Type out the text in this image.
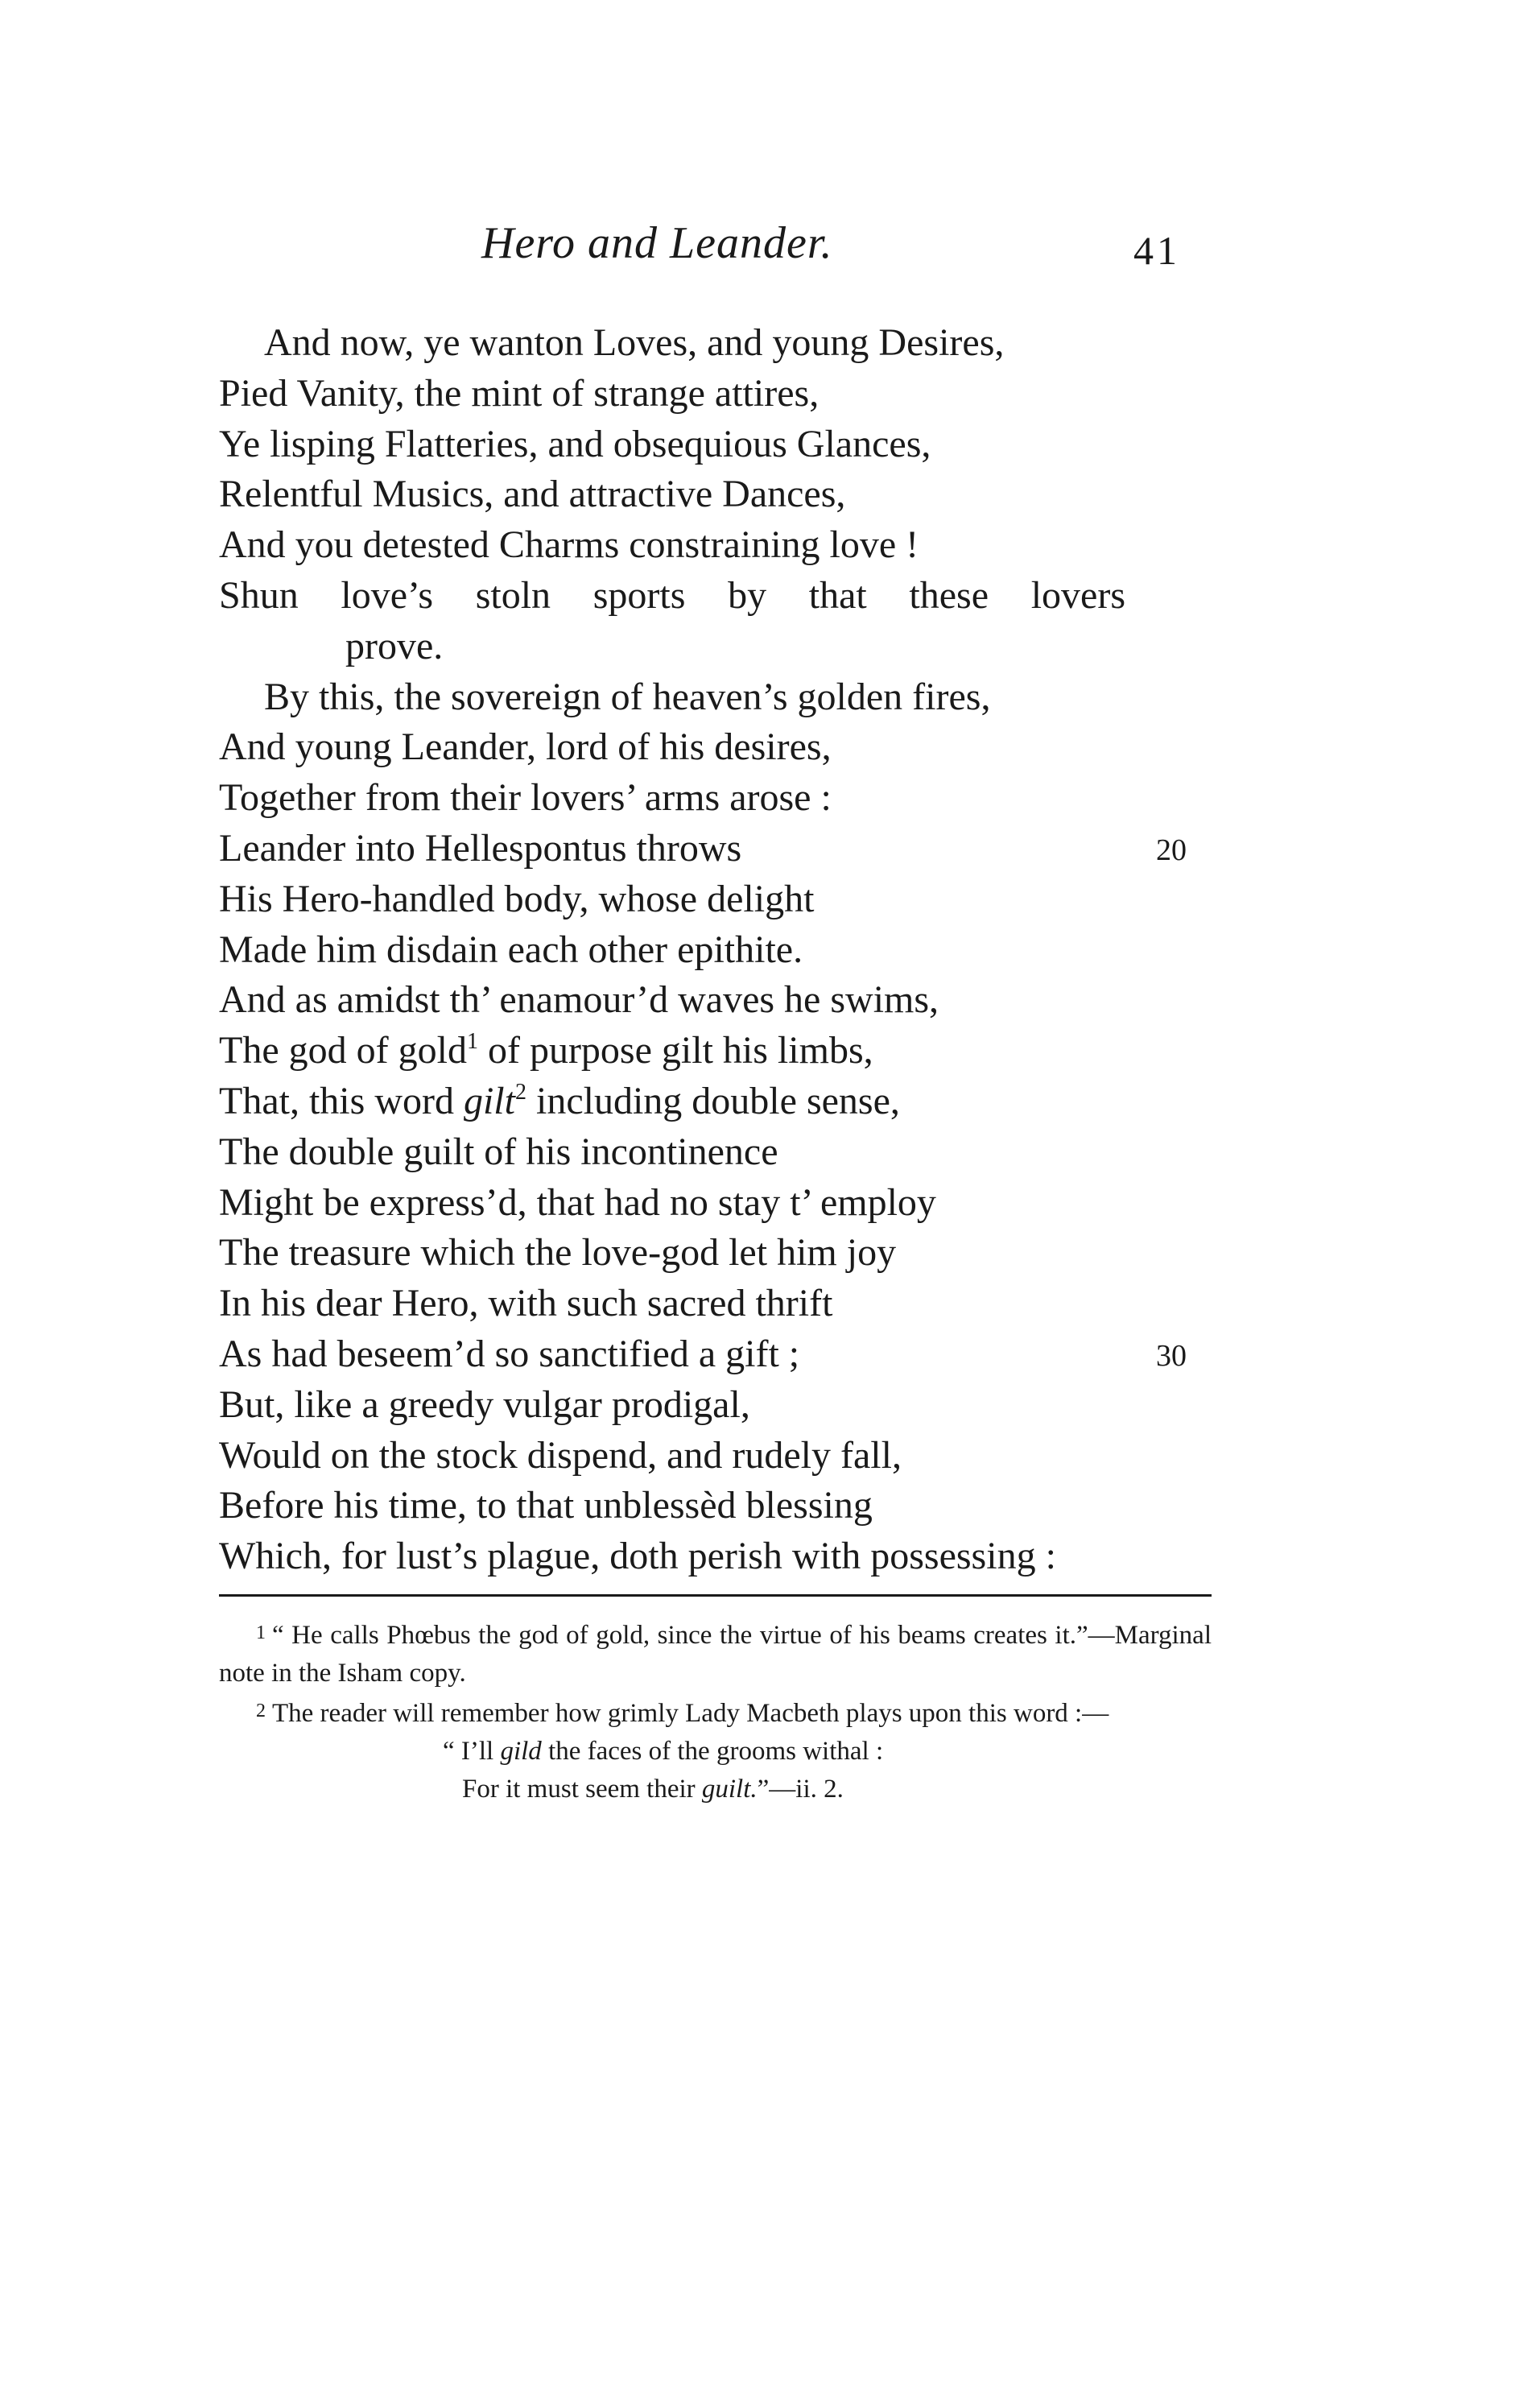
Hero and Leander.	41
And now, ye wanton Loves, and young Desires,
Pied Vanity, the mint of strange attires,
Ye lisping Flatteries, and obsequious Glances,
Relentful Musics, and attractive Dances,
And you detested Charms constraining love !
Shun love’s stoln sports by that these lovers
prove.
By this, the sovereign of heaven’s golden fires,
And young Leander, lord of his desires,
Together from their lovers’ arms arose :
Leander into Hellespontus throws	20
His Hero-handled body, whose delight
Made him disdain each other epithite.
And as amidst th’ enamour’d waves he swims,
The god of gold$^1$ of purpose gilt his limbs,
That, this word gilt$^2$ including double sense,
The double guilt of his incontinence
Might be express’d, that had no stay t’ employ
The treasure which the love-god let him joy
In his dear Hero, with such sacred thrift
As had beseem’d so sanctified a gift ;	30
But, like a greedy vulgar prodigal,
Would on the stock dispend, and rudely fall,
Before his time, to that unblessèd blessing
Which, for lust’s plague, doth perish with possessing :

1 “ He calls Phœbus the god of gold, since the virtue of his beams creates it.”—Marginal note in the Isham copy.

2 The reader will remember how grimly Lady Macbeth plays upon this word :—

“ I’ll gild the faces of the grooms withal :
For it must seem their guilt.”—ii. 2.
